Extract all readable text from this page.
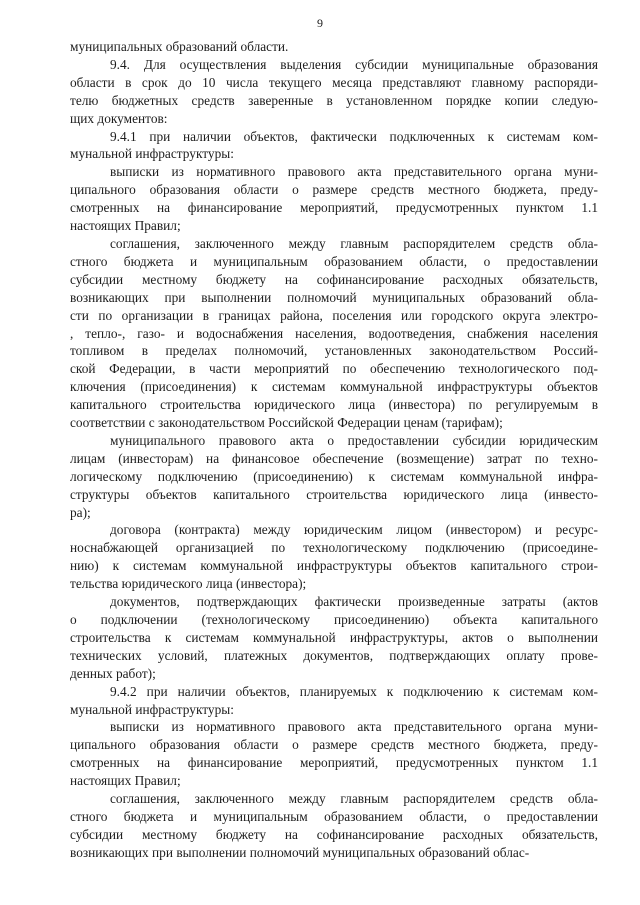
9
муниципальных образований области.
9.4. Для осуществления выделения субсидии муниципальные образования
области в срок до 10 числа текущего месяца представляют главному распоряди-
телю бюджетных средств заверенные в установленном порядке копии следую-
щих документов:
9.4.1 при наличии объектов, фактически подключенных к системам ком-
мунальной инфраструктуры:
выписки из нормативного правового акта представительного органа муни-
ципального образования области о размере средств местного бюджета, преду-
смотренных на финансирование мероприятий, предусмотренных пунктом 1.1
настоящих Правил;
соглашения, заключенного между главным распорядителем средств обла-
стного бюджета и муниципальным образованием области, о предоставлении
субсидии местному бюджету на софинансирование расходных обязательств,
возникающих при выполнении полномочий муниципальных образований обла-
сти по организации в границах района, поселения или городского округа электро-
, тепло-, газо- и водоснабжения населения, водоотведения, снабжения населения
топливом в пределах полномочий, установленных законодательством Россий-
ской Федерации, в части мероприятий по обеспечению технологического под-
ключения (присоединения) к системам коммунальной инфраструктуры объектов
капитального строительства юридического лица (инвестора) по регулируемым в
соответствии с законодательством Российской Федерации ценам (тарифам);
муниципального правового акта о предоставлении субсидии юридическим
лицам (инвесторам) на финансовое обеспечение (возмещение) затрат по техно-
логическому подключению (присоединению) к системам коммунальной инфра-
структуры объектов капитального строительства юридического лица (инвесто-
ра);
договора (контракта) между юридическим лицом (инвестором) и ресурс-
носнабжающей организацией по технологическому подключению (присоедине-
нию) к системам коммунальной инфраструктуры объектов капитального строи-
тельства юридического лица (инвестора);
документов, подтверждающих фактически произведенные затраты (актов
о подключении (технологическому присоединению) объекта капитального
строительства к системам коммунальной инфраструктуры, актов о выполнении
технических условий, платежных документов, подтверждающих оплату прове-
денных работ);
9.4.2 при наличии объектов, планируемых к подключению к системам ком-
мунальной инфраструктуры:
выписки из нормативного правового акта представительного органа муни-
ципального образования области о размере средств местного бюджета, преду-
смотренных на финансирование мероприятий, предусмотренных пунктом 1.1
настоящих Правил;
соглашения, заключенного между главным распорядителем средств обла-
стного бюджета и муниципальным образованием области, о предоставлении
субсидии местному бюджету на софинансирование расходных обязательств,
возникающих при выполнении полномочий муниципальных образований облас-
